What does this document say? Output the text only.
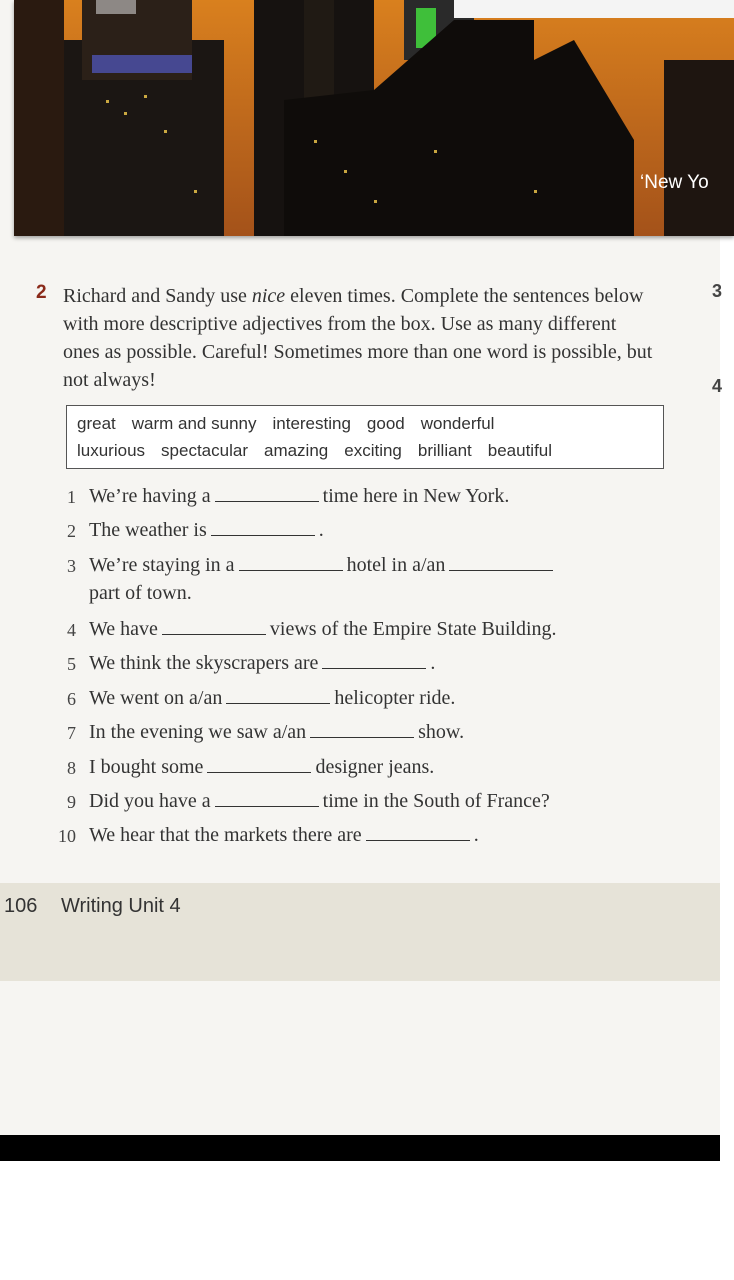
‘New Yo
2 Richard and Sandy use nice eleven times. Complete the sentences below with more descriptive adjectives from the box. Use as many different ones as possible. Careful! Sometimes more than one word is possible, but not always!
3
4
great warm and sunny interesting good wonderful
luxurious spectacular amazing exciting brilliant beautiful
1 We’re having a	time here in New York.
2 The weather is	.
3 We’re staying in a	hotel in a/an
part of town.
4 We have	views of the Empire State Building.
5 We think the skyscrapers are	.
6 We went on a/an	helicopter ride.
7 In the evening we saw a/an	show.
8 I bought some	designer jeans.
9 Did you have a	time in the South of France?
10 We hear that the markets there are	.
106 Writing Unit 4
